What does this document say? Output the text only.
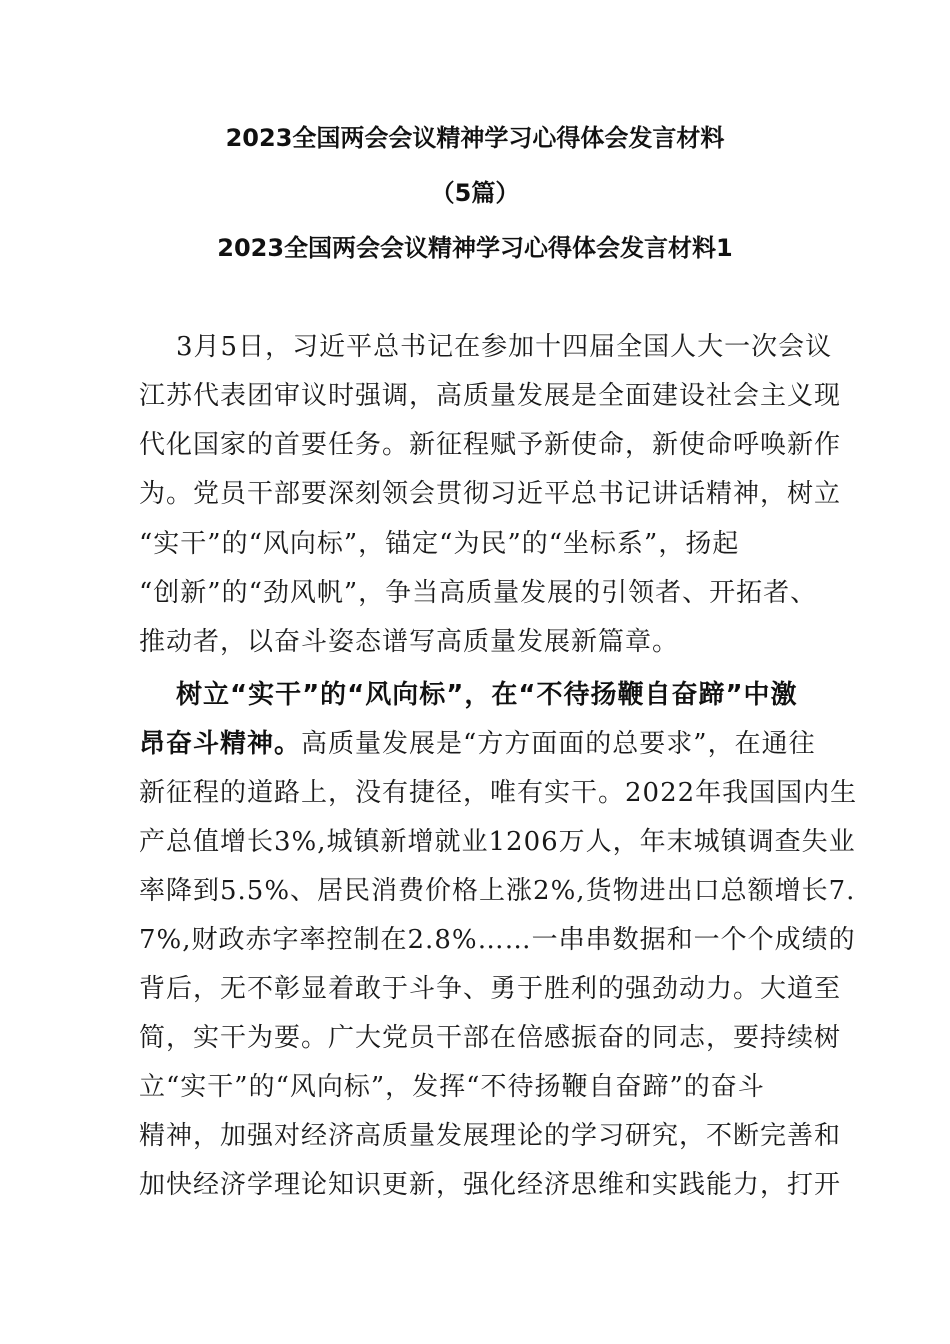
2023全国两会会议精神学习心得体会发言材料
（5篇）
2023全国两会会议精神学习心得体会发言材料1
3月5日，习近平总书记在参加十四届全国人大一次会议
江苏代表团审议时强调，高质量发展是全面建设社会主义现
代化国家的首要任务。新征程赋予新使命，新使命呼唤新作
为。党员干部要深刻领会贯彻习近平总书记讲话精神，树立
“实干”的“风向标”，锚定“为民”的“坐标系”，扬起
“创新”的“劲风帆”，争当高质量发展的引领者、开拓者、
推动者，以奋斗姿态谱写高质量发展新篇章。
树立“实干”的“风向标”，在“不待扬鞭自奋蹄”中激
昂奋斗精神。高质量发展是“方方面面的总要求”，在通往
新征程的道路上，没有捷径，唯有实干。2022年我国国内生
产总值增长3%,城镇新增就业1206万人，年末城镇调查失业
率降到5.5%、居民消费价格上涨2%,货物进出口总额增长7.
7%,财政赤字率控制在2.8%……一串串数据和一个个成绩的
背后，无不彰显着敢于斗争、勇于胜利的强劲动力。大道至
简，实干为要。广大党员干部在倍感振奋的同志，要持续树
立“实干”的“风向标”，发挥“不待扬鞭自奋蹄”的奋斗
精神，加强对经济高质量发展理论的学习研究，不断完善和
加快经济学理论知识更新，强化经济思维和实践能力，打开
